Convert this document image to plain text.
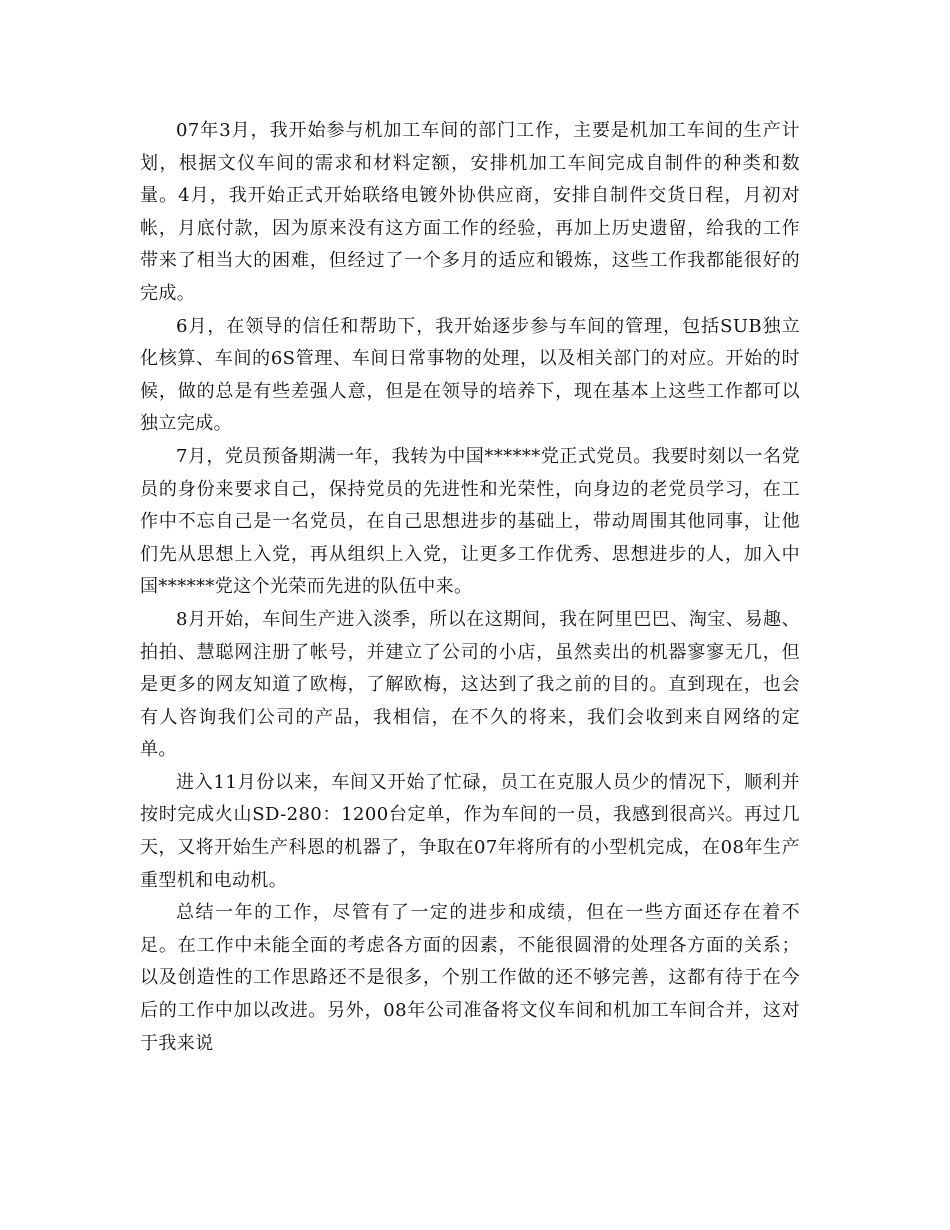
07年3月，我开始参与机加工车间的部门工作，主要是机加工车间的生产计划，根据文仪车间的需求和材料定额，安排机加工车间完成自制件的种类和数量。4月，我开始正式开始联络电镀外协供应商，安排自制件交货日程，月初对帐，月底付款，因为原来没有这方面工作的经验，再加上历史遗留，给我的工作带来了相当大的困难，但经过了一个多月的适应和锻炼，这些工作我都能很好的完成。

6月，在领导的信任和帮助下，我开始逐步参与车间的管理，包括SUB独立化核算、车间的6S管理、车间日常事物的处理，以及相关部门的对应。开始的时候，做的总是有些差强人意，但是在领导的培养下，现在基本上这些工作都可以独立完成。

7月，党员预备期满一年，我转为中国******党正式党员。我要时刻以一名党员的身份来要求自己，保持党员的先进性和光荣性，向身边的老党员学习，在工作中不忘自己是一名党员，在自己思想进步的基础上，带动周围其他同事，让他们先从思想上入党，再从组织上入党，让更多工作优秀、思想进步的人，加入中国******党这个光荣而先进的队伍中来。

8月开始，车间生产进入淡季，所以在这期间，我在阿里巴巴、淘宝、易趣、拍拍、慧聪网注册了帐号，并建立了公司的小店，虽然卖出的机器寥寥无几，但是更多的网友知道了欧梅，了解欧梅，这达到了我之前的目的。直到现在，也会有人咨询我们公司的产品，我相信，在不久的将来，我们会收到来自网络的定单。

进入11月份以来，车间又开始了忙碌，员工在克服人员少的情况下，顺利并按时完成火山SD-280：1200台定单，作为车间的一员，我感到很高兴。再过几天，又将开始生产科恩的机器了，争取在07年将所有的小型机完成，在08年生产重型机和电动机。

总结一年的工作，尽管有了一定的进步和成绩，但在一些方面还存在着不足。在工作中未能全面的考虑各方面的因素，不能很圆滑的处理各方面的关系；以及创造性的工作思路还不是很多，个别工作做的还不够完善，这都有待于在今后的工作中加以改进。另外，08年公司准备将文仪车间和机加工车间合并，这对于我来说
